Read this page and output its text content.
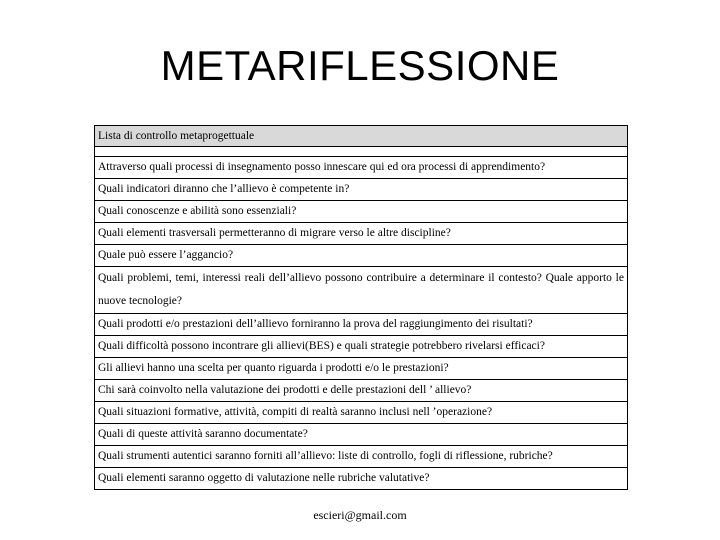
METARIFLESSIONE
Lista di controllo metaprogettuale

Attraverso quali processi di insegnamento posso innescare qui ed ora processi di apprendimento?
Quali indicatori diranno che l’allievo è competente in?
Quali conoscenze e abilità sono essenziali?
Quali elementi trasversali permetteranno di migrare verso le altre discipline?
Quale può essere l’aggancio?
Quali problemi, temi, interessi reali dell’allievo possono contribuire a determinare il contesto? Quale apporto le nuove tecnologie?
Quali prodotti e/o prestazioni dell’allievo forniranno la prova del raggiungimento dei risultati?
Quali difficoltà possono incontrare gli allievi(BES) e quali strategie potrebbero rivelarsi efficaci?
Gli allievi hanno una scelta per quanto riguarda i prodotti e/o le prestazioni?
Chi sarà coinvolto nella valutazione dei prodotti e delle prestazioni dell ’ allievo?
Quali situazioni formative, attività, compiti di realtà saranno inclusi nell ’operazione?
Quali di queste attività saranno documentate?
Quali strumenti autentici saranno forniti all’allievo: liste di controllo, fogli di riflessione, rubriche?
Quali elementi saranno oggetto di valutazione nelle rubriche valutative?
escieri@gmail.com
